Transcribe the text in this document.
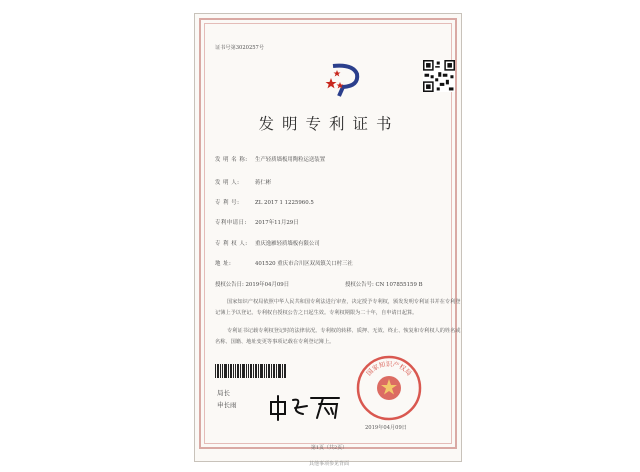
证书号第3020257号
发明专利证书
发 明 名 称: 生产轻质墙板用陶粒运送装置
发 明 人:	蒋仁彬
专 利 号:	ZL 2017 1 1225960.5
专利申请日: 2017年11月29日
专 利 权 人: 重庆逸雁轻质墙板有限公司
地 址:	401520 重庆市合川区双凤镇关口村三社
授权公告日: 2019年04月09日	授权公告号: CN 107855159 B
国家知识产权局依照中华人民共和国专利法进行审查，决定授予专利权，颁发发明专利证书并在专利登记簿上予以登记。专利权自授权公告之日起生效。专利权期限为二十年，自申请日起算。
专利证书记载专利权登记时的法律状况。专利权的转移、质押、无效、终止、恢复和专利权人的姓名或名称、国籍、地址变更等事项记载在专利登记簿上。
局长
申长雨
国家知识产权局
2019年04月09日
第1页（共2页）
其他事项参见背面
